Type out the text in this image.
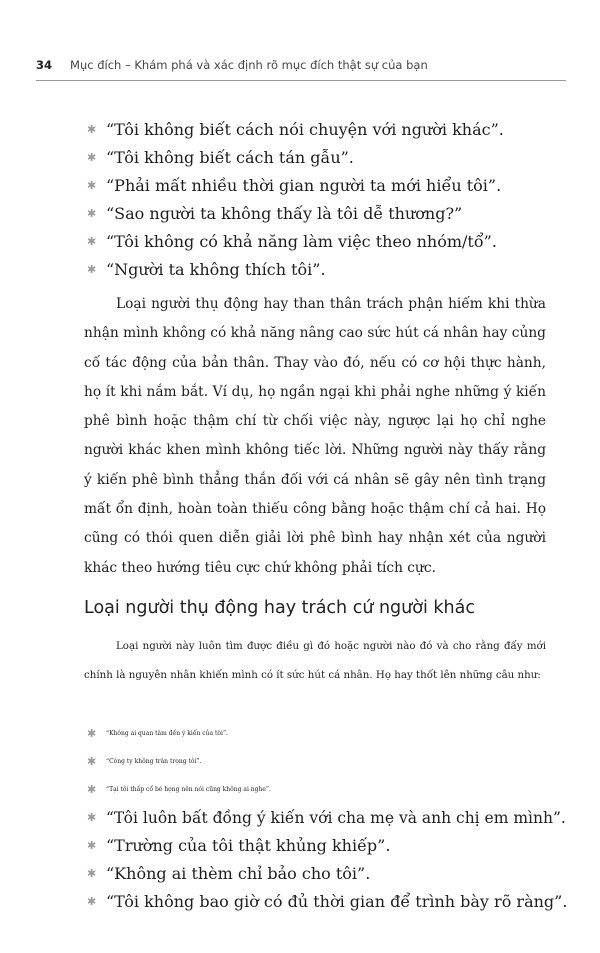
34 Mục đích – Khám phá và xác định rõ mục đích thật sự của bạn
✱ “Tôi không biết cách nói chuyện với người khác”.
✱ “Tôi không biết cách tán gẫu”.
✱ “Phải mất nhiều thời gian người ta mới hiểu tôi”.
✱ “Sao người ta không thấy là tôi dễ thương?”
✱ “Tôi không có khả năng làm việc theo nhóm/tổ”.
✱ “Người ta không thích tôi”.

Loại người thụ động hay than thân trách phận hiếm khi thừa nhận mình không có khả năng nâng cao sức hút cá nhân hay củng cố tác động của bản thân. Thay vào đó, nếu có cơ hội thực hành, họ ít khi nắm bắt. Ví dụ, họ ngần ngại khi phải nghe những ý kiến phê bình hoặc thậm chí từ chối việc này, ngược lại họ chỉ nghe người khác khen mình không tiếc lời. Những người này thấy rằng ý kiến phê bình thẳng thắn đối với cá nhân sẽ gây nên tình trạng mất ổn định, hoàn toàn thiếu công bằng hoặc thậm chí cả hai. Họ cũng có thói quen diễn giải lời phê bình hay nhận xét của người khác theo hướng tiêu cực chứ không phải tích cực.

Loại người thụ động hay trách cứ người khác

Loại người này luôn tìm được điều gì đó hoặc người nào đó và cho rằng đấy mới chính là nguyên nhân khiến mình có ít sức hút cá nhân. Họ hay thốt lên những câu như:

✱ “Không ai quan tâm đến ý kiến của tôi”.
✱ “Công ty không trân trọng tôi”.
✱ “Tại tôi thấp cổ bé họng nên nói cũng không ai nghe”.
✱ “Tôi luôn bất đồng ý kiến với cha mẹ và anh chị em mình”.
✱ “Trường của tôi thật khủng khiếp”.
✱ “Không ai thèm chỉ bảo cho tôi”.
✱ “Tôi không bao giờ có đủ thời gian để trình bày rõ ràng”.
